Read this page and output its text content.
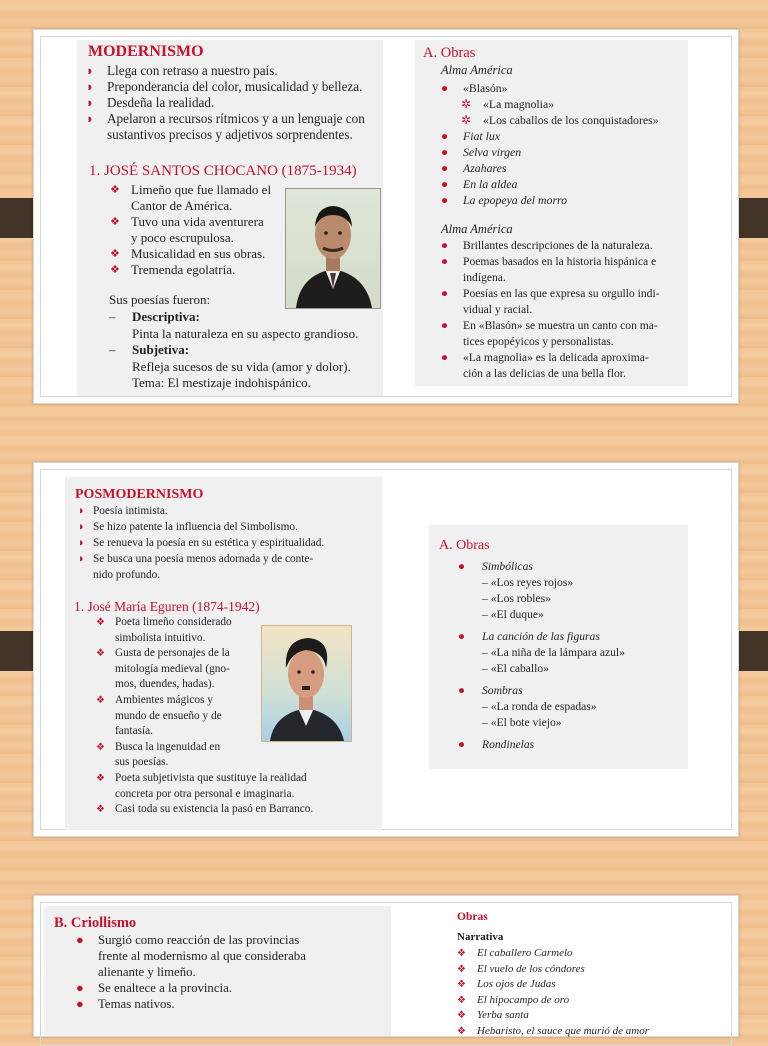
MODERNISMO
◗ Llega con retraso a nuestro país.
◗ Preponderancia del color, musicalidad y belleza.
◗ Desdeña la realidad.
◗ Apelaron a recursos rítmicos y a un lenguaje con
sustantivos precisos y adjetivos sorprendentes.
1. JOSÉ SANTOS CHOCANO (1875-1934)
❖ Limeño que fue llamado el
Cantor de América.
❖ Tuvo una vida aventurera
y poco escrupulosa.
❖ Musicalidad en sus obras.
❖ Tremenda egolatría.
Sus poesías fueron:
– Descriptiva:
Pinta la naturaleza en su aspecto grandioso.
– Subjetiva:
Refleja sucesos de su vida (amor y dolor).
Tema: El mestizaje indohispánico.
A. Obras
Alma América
● «Blasón»
✲ «La magnolia»
✲ «Los caballos de los conquistadores»
● Fiat lux
● Selva virgen
● Azahares
● En la aldea
● La epopeya del morro
Alma América
● Brillantes descripciones de la naturaleza.
● Poemas basados en la historia hispánica e
indígena.
● Poesías en las que expresa su orgullo indi-
vidual y racial.
● En «Blasón» se muestra un canto con ma-
tices epopéyicos y personalistas.
● «La magnolia» es la delicada aproxima-
ción a las delicias de una bella flor.
POSMODERNISMO
◗ Poesía intimista.
◗ Se hizo patente la influencia del Simbolismo.
◗ Se renueva la poesía en su estética y espiritualidad.
◗ Se busca una poesía menos adornada y de conte-
nido profundo.
1. José María Eguren (1874-1942)
❖ Poeta limeño considerado
simbolista intuitivo.
❖ Gusta de personajes de la
mitología medieval (gno-
mos, duendes, hadas).
❖ Ambientes mágicos y
mundo de ensueño y de
fantasía.
❖ Busca la ingenuidad en
sus poesías.
❖ Poeta subjetivista que sustituye la realidad
concreta por otra personal e imaginaria.
❖ Casi toda su existencia la pasó en Barranco.
A. Obras
● Simbólicas
– «Los reyes rojos»
– «Los robles»
– «El duque»
● La canción de las figuras
– «La niña de la lámpara azul»
– «El caballo»
● Sombras
– «La ronda de espadas»
– «El bote viejo»
● Rondinelas
B. Criollismo
● Surgió como reacción de las provincias
frente al modernismo al que consideraba
alienante y limeño.
● Se enaltece a la provincia.
● Temas nativos.
Obras
Narrativa
❖ El caballero Carmelo
❖ El vuelo de los cóndores
❖ Los ojos de Judas
❖ El hipocampo de oro
❖ Yerba santa
❖ Hebaristo, el sauce que murió de amor
